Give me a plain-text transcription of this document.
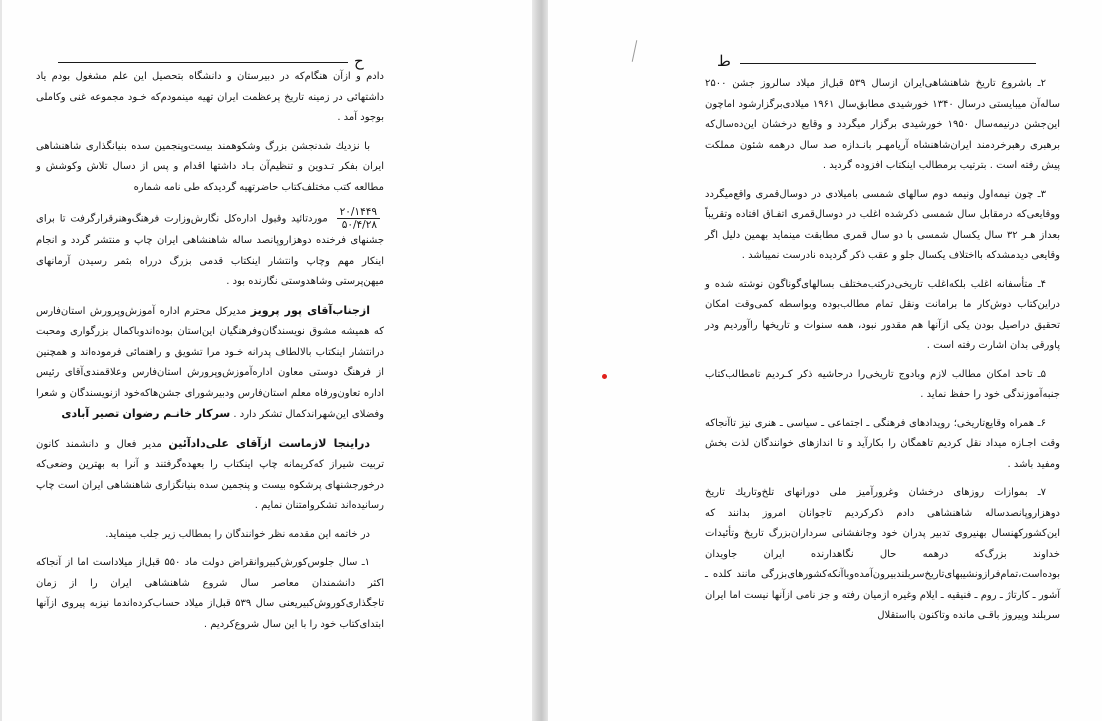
ح

دادم و ازآن هنگام‌که در دبیرستان و دانشگاه بتحصیل این علم مشغول بودم یاد داشتهائی در زمینه تاریخ پرعظمت ایران تهیه مینمودم‌که خـود مجموعه غنی وکاملی بوجود آمد .

با نزدیك شدنجشن بزرگ وشکوهمند بیست‌وپنجمین سده بنیانگذاری شاهنشاهی ایران بفکر تـدوین و تنظیم‌آن بـاد داشتها اقدام و پس از دسال تلاش وکوشش و مطالعه کتب مختلف‌کتاب حاضر‌تهیه گردیدکه طی نامه شماره

$\frac{۲۰/۱۴۴۹}{۵۰/۴/۲۸}$
مورد‌تائید وقبول اداره‌کل نگارش‌وزارت فرهنگ‌وهنر‌قرار‌گرفت تا برای جشنهای فرخنده دوهزاروپانصد ساله شاهنشاهی ایران چاپ و منتشر گردد و انجام اینکار مهم وچاپ وانتشار اینکتاب قدمی بزرگ درراه بثمر رسیدن آرمانهای میهن‌پرستی وشاهدوستی نگارنده بود .

ازجناب‌آقای پور پرویز مدیرکل محترم اداره آموزش‌وپرورش استان‌فارس که همیشه مشوق نویسندگان‌وفرهنگیان این‌استان بوده‌اندوباکمال بزرگواری ومحبت درانتشار اینکتاب بالالطاف پدرانه خـود مرا تشویق و راهنمائی فرموده‌اند و همچنین از فرهنگ دوستی معاون اداره‌آموزش‌وپرورش استان‌فارس وعلاقمندی‌آقای رئیس اداره تعاون‌ورفاه معلم استان‌فارس ودبیرشورای جشن‌هاکه‌خود ازنویسندگان و شعرا وفضلای این‌شهراندکمال تشکر دارد . سرکار خانـم رضوان تصیر آبادی

دراینجا لازماست ازآقای علی‌دادآئین مدیر فعال و دانشمند کانون تربیت شیراز که‌کریمانه چاپ اینکتاب را بعهده‌گرفتند و آنرا به بهترین وضعی‌که درخورجشنهای پرشکوه بیست و پنجمین سده بنیانگزاری شاهنشاهی ایران است چاپ رسانیده‌اند تشکروامتنان نمایم .

در خاتمه این مقدمه نظر خوانندگان را بمطالب زیر جلب مینماید.

۱ـ سال جلوس‌کورش‌کبیروانقراض دولت ماد ۵۵۰ قبل‌از میلاداست اما از آنجاکه اکثر دانشمندان معاصر سال شروع شاهنشاهی ایران را از زمان تاجگذاری‌کوروش‌کبیریعنی سال ۵۳۹ قبل‌از میلاد حساب‌کرده‌اندما نیزبه پیروی ازآنها ابتدای‌کتاب خود را با این سال شروع‌کردیم .

ط

۲ـ باشروع تاریخ شاهنشاهی‌ایران ازسال ۵۳۹ قبل‌از میلاد سالروز جشن ۲۵۰۰ ساله‌آن میبایستی درسال ۱۳۴۰ خورشیدی مطابق‌سال ۱۹۶۱ میلادی‌برگزارشود اماچون این‌جشن درنیمه‌سال ۱۹۵۰ خورشیدی برگزار میگردد و وقایع درخشان این‌ده‌سال‌که برهبری رهبرخردمند ایران‌شاهنشاه آریامهـر بانـدازه صد سال درهمه شئون مملکت پیش رفته است . بترتیب برمطالب اینکتاب افزوده گردید .

۳ـ چون نیمه‌اول ونیمه دوم سالهای شمسی بامیلادی در دوسال‌قمری واقع‌میگردد ووقایعی‌که درمقابل سال شمسی ذکرشده اغلب در دوسال‌قمری اتفـاق افتاده وتقریباً بعداز هـر ۳۲ سال یکسال شمسی با دو سال قمری مطابقت مینماید بهمین دلیل اگر وقایعی دیدمشدکه بااختلاف یکسال جلو و عقب ذکر گردیده نادرست نمیباشد .

۴ـ متأسفانه اغلب بلکه‌اغلب تاریخی‌درکتب‌مختلف بسالهای‌گوناگون نوشته شده و دراین‌کتاب دوش‌کار ما برامانت ونقل تمام مطالب‌بوده وبواسطه کمی‌وقت امکان تحقیق دراصیل بودن یکی ازآنها هم مقدور نبود، همه سنوات و تاریخها راآوردیم ودر پاورقی بدان اشارت رفته است .

۵ـ تاحد امکان مطالب لازم وبادوج تاریخی‌را درحاشیه ذکر کـردیم تامطالب‌کتاب جنبه‌آموزندگی خود را حفظ نماید .

۶ـ همراه وقایع‌تاریخی؛ رویدادهای فرهنگی ـ اجتماعی ـ سیاسی ـ هنری نیز تاآنجاکه وقت اجـازه میداد نقل کردیم تاهمگان را بکارآید و تا اندازهای خوانندگان لذت بخش ومفید باشد .

۷ـ بموازات روزهای درخشان وغرورآمیز ملی دورانهای تلخ‌وتاریك تاریخ دوهزاروپانصدساله شاهنشاهی دادم ذکرکردیم تاجوانان امروز بدانند که این‌کشورکهنسال بهنیروی تدبیر پدران خود وجانفشانی سرداران‌بزرگ تاریخ وتأئیدات خداوند بزرگ‌که درهمه حال نگاهدارنده ایران جاویدان بوده‌است،تمام‌فرازونشیبهای‌تاریخ‌سربلندبیرون‌آمده‌وبا‌آنکه‌کشورهای‌بزرگی مانند کلده ـ آشور ـ کارتاژ ـ روم ـ فنیقیه‌ ـ ایلام وغیره ازمیان رفته و جز نامی ازآنها نیست اما ایران سربلند وپیروز باقـی مانده وتاکنون بااستقلال
